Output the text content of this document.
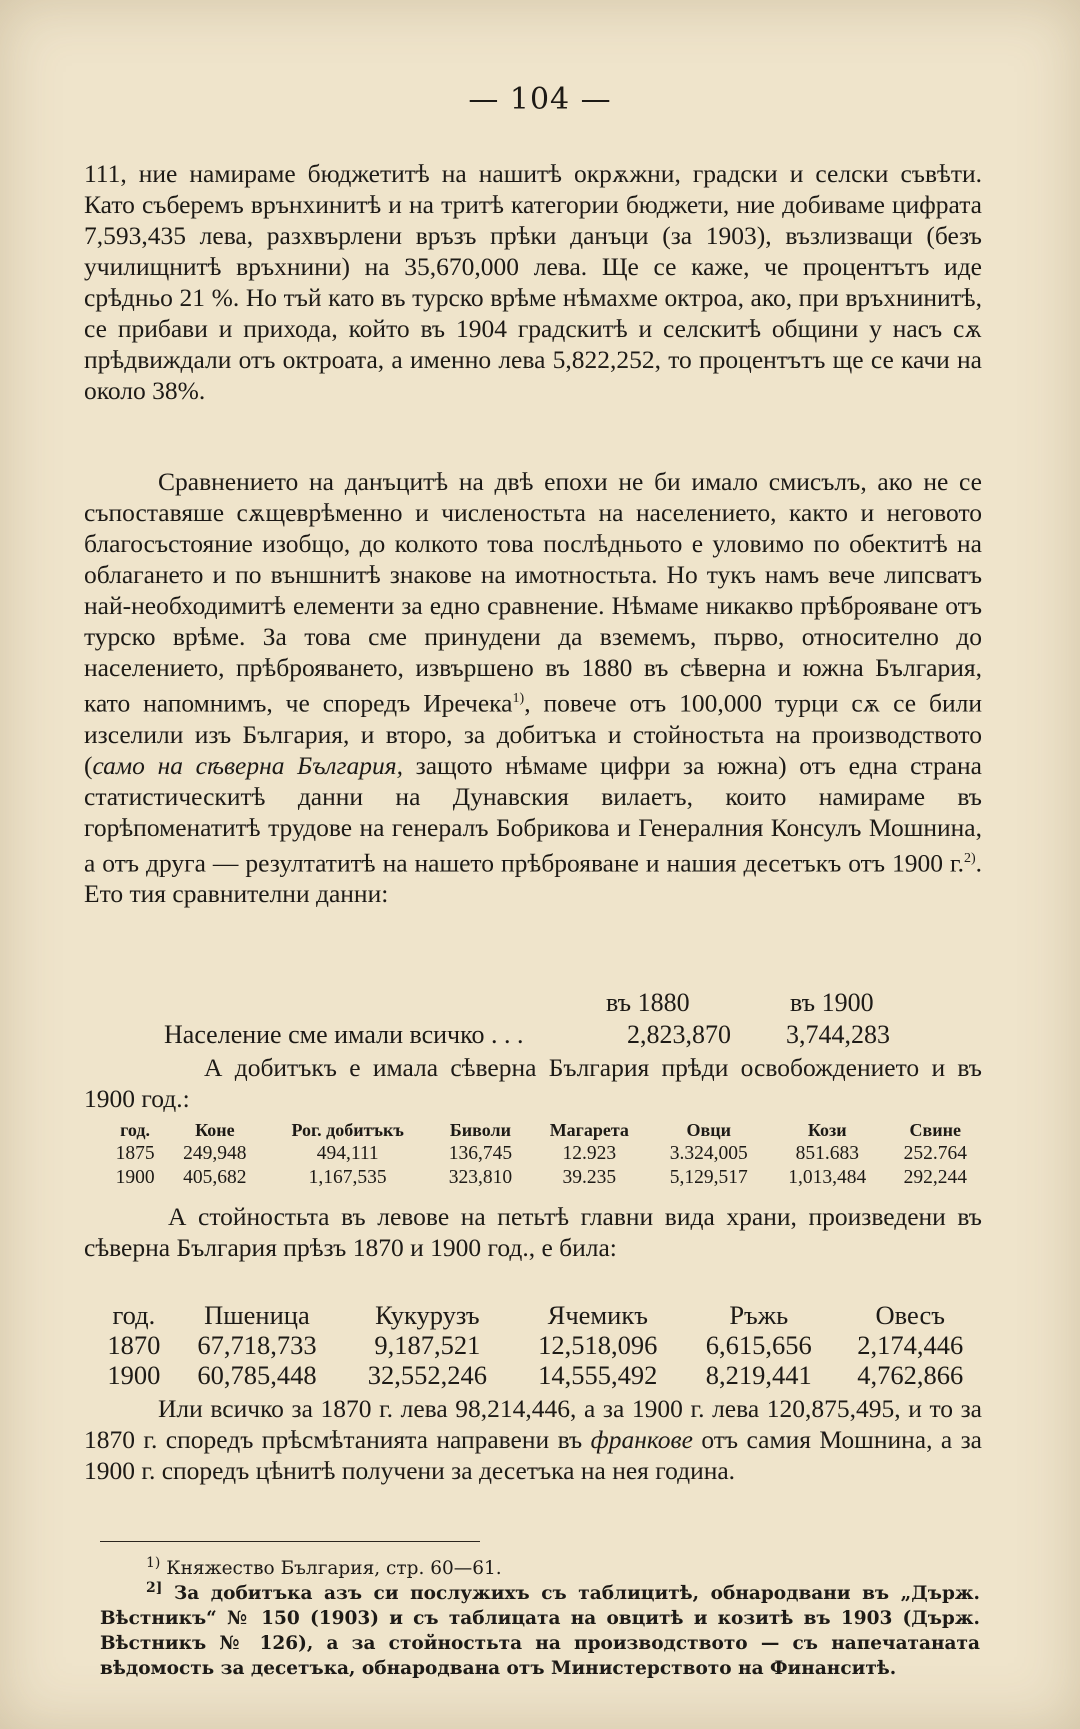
— 104 —
111, ние намираме бюджетитѣ на нашитѣ окрѫжни, градски и селски съвѣти. Като съберемъ врънхинитѣ и на тритѣ категории бюджети, ние добиваме цифрата 7,593,435 лева, разхвърлени връзъ прѣки данъци (за 1903), възлизващи (безъ училищнитѣ връхнини) на 35,670,000 лева. Ще се каже, че процентътъ иде срѣдньо 21 %. Но тъй като въ турско врѣме нѣмахме октроа, ако, при връхнинитѣ, се прибави и прихода, който въ 1904 градскитѣ и селскитѣ общини у насъ сѫ прѣдвиждали отъ октроата, а именно лева 5,822,252, то процентътъ ще се качи на около 38%.
Сравнението на данъцитѣ на двѣ епохи не би имало смисълъ, ако не се съпоставяше сѫщеврѣменно и численостьта на населението, както и неговото благосъстояние изобщо, до колкото това послѣдньото е уловимо по обектитѣ на облагането и по външнитѣ знакове на имотностьта. Но тукъ намъ вече липсватъ най-необходимитѣ елементи за едно сравнение. Нѣмаме никакво прѣброяване отъ турско врѣме. За това сме принудени да вземемъ, първо, относително до населението, прѣброяването, извършено въ 1880 въ сѣверна и южна България, като напомнимъ, че споредъ Иречека$^{1)}$, повече отъ 100,000 турци сѫ се били изселили изъ България, и второ, за добитъка и стойностьта на производството (само на сѣверна България, защото нѣмаме цифри за южна) отъ една страна статистическитѣ данни на Дунавския вилаетъ, които намираме въ горѣпоменатитѣ трудове на генералъ Бобрикова и Генералния Консулъ Мошнина, а отъ друга — резултатитѣ на нашето прѣброяване и нашия десетъкъ отъ 1900 г.$^{2)}$. Ето тия сравнителни данни:
въ 1880	въ 1900
Население сме имали всичко . . .	2,823,870 3,744,283
А добитъкъ е имала сѣверна България прѣди освобождението и въ 1900 год.:
год.	Коне	Рог. добитъкъ	Биволи	Магарета	Овци	Кози	Свине
1875	249,948	494,111	136,745	12.923	3.324,005	851.683	252.764
1900	405,682	1,167,535	323,810	39.235	5,129,517	1,013,484	292,244
А стойностьта въ левове на петьтѣ главни вида храни, произведени въ сѣверна България прѣзъ 1870 и 1900 год., е била:
год.	Пшеница	Кукурузъ	Ячемикъ	Ръжь	Овесъ
1870	67,718,733	9,187,521	12,518,096	6,615,656	2,174,446
1900	60,785,448	32,552,246	14,555,492	8,219,441	4,762,866
Или всичко за 1870 г. лева 98,214,446, а за 1900 г. лева 120,875,495, и то за 1870 г. споредъ прѣсмѣтанията направени въ франкове отъ самия Мошнина, а за 1900 г. споредъ цѣнитѣ получени за десетъка на нея година.
$^{1)}$ Княжество България, стр. 60—61.
$^{2]}$ За добитъка азъ си послужихъ съ таблицитѣ, обнародвани въ „Държ. Вѣстникъ“ № 150 (1903) и съ таблицата на овцитѣ и козитѣ въ 1903 (Държ. Вѣстникъ № 126), а за стойностьта на производството — съ напечатаната вѣдомость за десетъка, обнародвана отъ Министерството на Финанситѣ.
